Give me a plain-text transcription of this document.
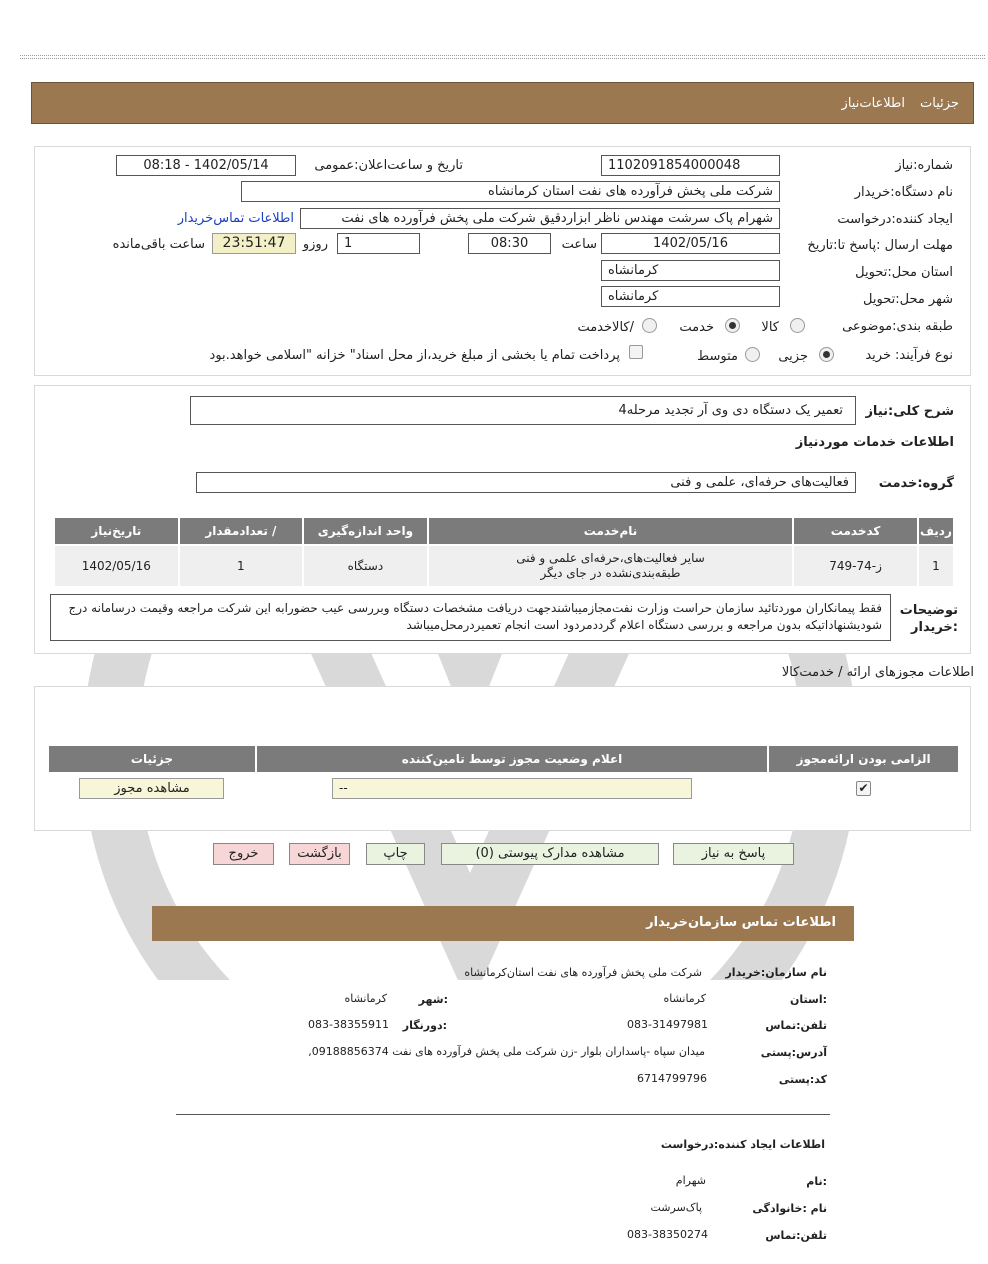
جزئیات
اطلاعات‌نیاز
شماره:نیاز
1102091854000048
تاریخ و ساعت‌اعلان:عمومی
1402/05/14 - 08:18
نام دستگاه:خریدار
شرکت ملی پخش فرآورده های نفت استان کرمانشاه
ایجاد کننده:درخواست
شهرام پاک سرشت مهندس ناظر ابزاردقیق شرکت ملی پخش فرآورده های نفت
اطلاعات تماس‌خریدار
مهلت ارسال :پاسخ تا:تاریخ
1402/05/16
ساعت
08:30
1
روزو
23:51:47
ساعت باقی‌مانده
استان محل:تحویل
کرمانشاه
شهر محل:تحویل
کرمانشاه
طبقه بندی:موضوعی
کالا
خدمت
/کالاخدمت
نوع فرآیند:
خرید
جزیی
متوسط
پرداخت تمام یا بخشی از مبلغ خرید،از محل اسناد" خزانه "اسلامی خواهد.بود
شرح کلی:نیاز
تعمیر یک دستگاه دی وی آر تجدید مرحله4
اطلاعات خدمات موردنیاز
گروه:خدمت
فعالیت‌های حرفه‌ای، علمی و فنی
ردیف	کدخدمت	نام‌خدمت	واحد اندازه‌گیری	/ تعدادمقدار	تاریخ‌نیاز
1	ز-74-749	سایر فعالیت‌های،حرفه‌ای علمی و فنی طبقه‌بندی‌نشده در جای دیگر	دستگاه	1	1402/05/16
توضیحات :خریدار
فقط پیمانکاران موردتائید سازمان حراست وزارت نفت‌مجازمیباشندجهت دریافت مشخصات دستگاه وبررسی عیب حضورابه این شرکت مراجعه وقیمت درسامانه درج شودیشنهاداتیکه بدون مراجعه و بررسی دستگاه اعلام گرددمردود است انجام تعمیردرمحل‌میباشد
اطلاعات مجوزهای ارائه / خدمت‌کالا
الزامی بودن ارائه‌مجوز	اعلام وضعیت مجوز توسط تامین‌کننده	جزئیات
✔	--	مشاهده مجوز
پاسخ به نیاز
مشاهده مدارک پیوستی (0)
چاپ
بازگشت
خروج
اطلاعات تماس سازمان‌خریدار
نام سازمان:خریدار
شرکت ملی پخش فرآورده های نفت استان‌کرمانشاه
:استان
کرمانشاه
:شهر
کرمانشاه
تلفن:تماس
083-31497981
:دورنگار
083-38355911
آدرس:پستی
میدان سپاه -پاسداران بلوار -زن شرکت ملی پخش فرآورده های نفت 09188856374,
کد:پستی
6714799796
اطلاعات ایجاد کننده:درخواست
:نام
شهرام
نام :خانوادگی
پاک‌سرشت
تلفن:تماس
083-38350274
